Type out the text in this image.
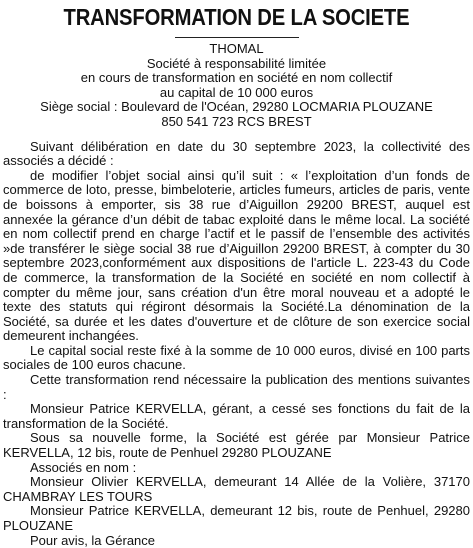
TRANSFORMATION DE LA SOCIETE
THOMAL
Société à responsabilité limitée
en cours de transformation en société en nom collectif
au capital de 10 000 euros
Siège social : Boulevard de l'Océan, 29280 LOCMARIA PLOUZANE
850 541 723 RCS BREST

Suivant délibération en date du 30 septembre 2023, la collectivité des associés a décidé :

de modifier l’objet social ainsi qu’il suit : « l’exploitation d’un fonds de commerce de loto, presse, bimbeloterie, articles fumeurs, articles de paris, vente de boissons à emporter, sis 38 rue d’Aiguillon 29200 BREST, auquel est annexée la gérance d’un débit de tabac exploité dans le même local. La société en nom collectif prend en charge l’actif et le passif de l’ensemble des activités »de transférer le siège social 38 rue d’Aiguillon 29200 BREST, à compter du 30 septembre 2023,conformément aux dispositions de l'article L. 223-43 du Code de commerce, la transformation de la Société en société en nom collectif à compter du même jour, sans création d'un être moral nouveau et a adopté le texte des statuts qui régiront désormais la Société.La dénomination de la Société, sa durée et les dates d'ouverture et de clôture de son exercice social demeurent inchangées.

Le capital social reste fixé à la somme de 10 000 euros, divisé en 100 parts sociales de 100 euros chacune.

Cette transformation rend nécessaire la publication des mentions suivantes :

Monsieur Patrice KERVELLA, gérant, a cessé ses fonctions du fait de la transformation de la Société.

Sous sa nouvelle forme, la Société est gérée par Monsieur Patrice KERVELLA, 12 bis, route de Penhuel 29280 PLOUZANE

Associés en nom :

Monsieur Olivier KERVELLA, demeurant 14 Allée de la Volière, 37170 CHAMBRAY LES TOURS

Monsieur Patrice KERVELLA, demeurant 12 bis, route de Penhuel, 29280 PLOUZANE

Pour avis, la Gérance
